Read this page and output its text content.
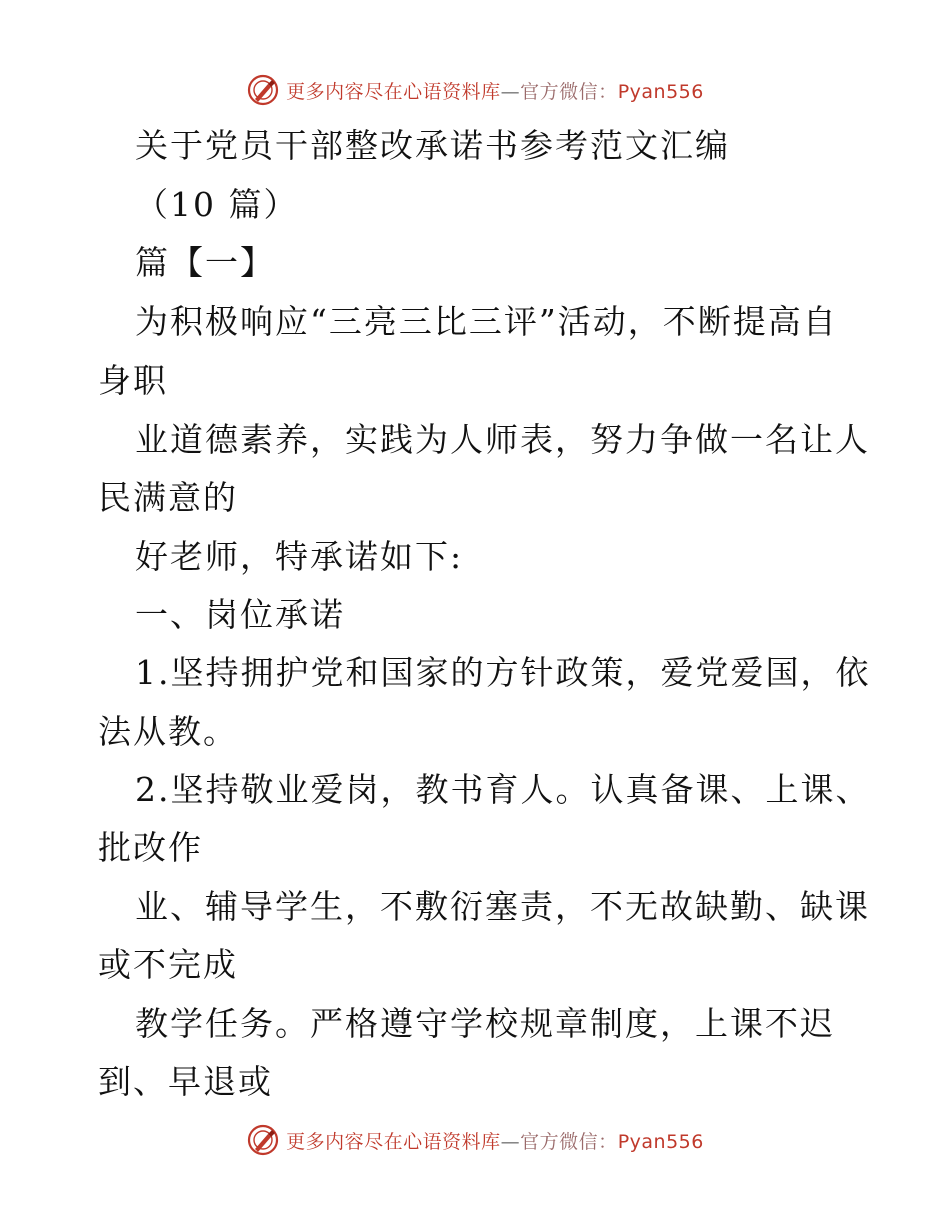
更多内容尽在心语资料库—官方微信：Pyan556
关于党员干部整改承诺书参考范文汇编
（10 篇）
篇【一】
为积极响应“三亮三比三评”活动，不断提高自
身职
业道德素养，实践为人师表，努力争做一名让人
民满意的
好老师，特承诺如下:
一、岗位承诺
1.坚持拥护党和国家的方针政策，爱党爱国，依
法从教。
2.坚持敬业爱岗，教书育人。认真备课、上课、
批改作
业、辅导学生，不敷衍塞责，不无故缺勤、缺课
或不完成
教学任务。严格遵守学校规章制度，上课不迟
到、早退或
更多内容尽在心语资料库—官方微信：Pyan556
